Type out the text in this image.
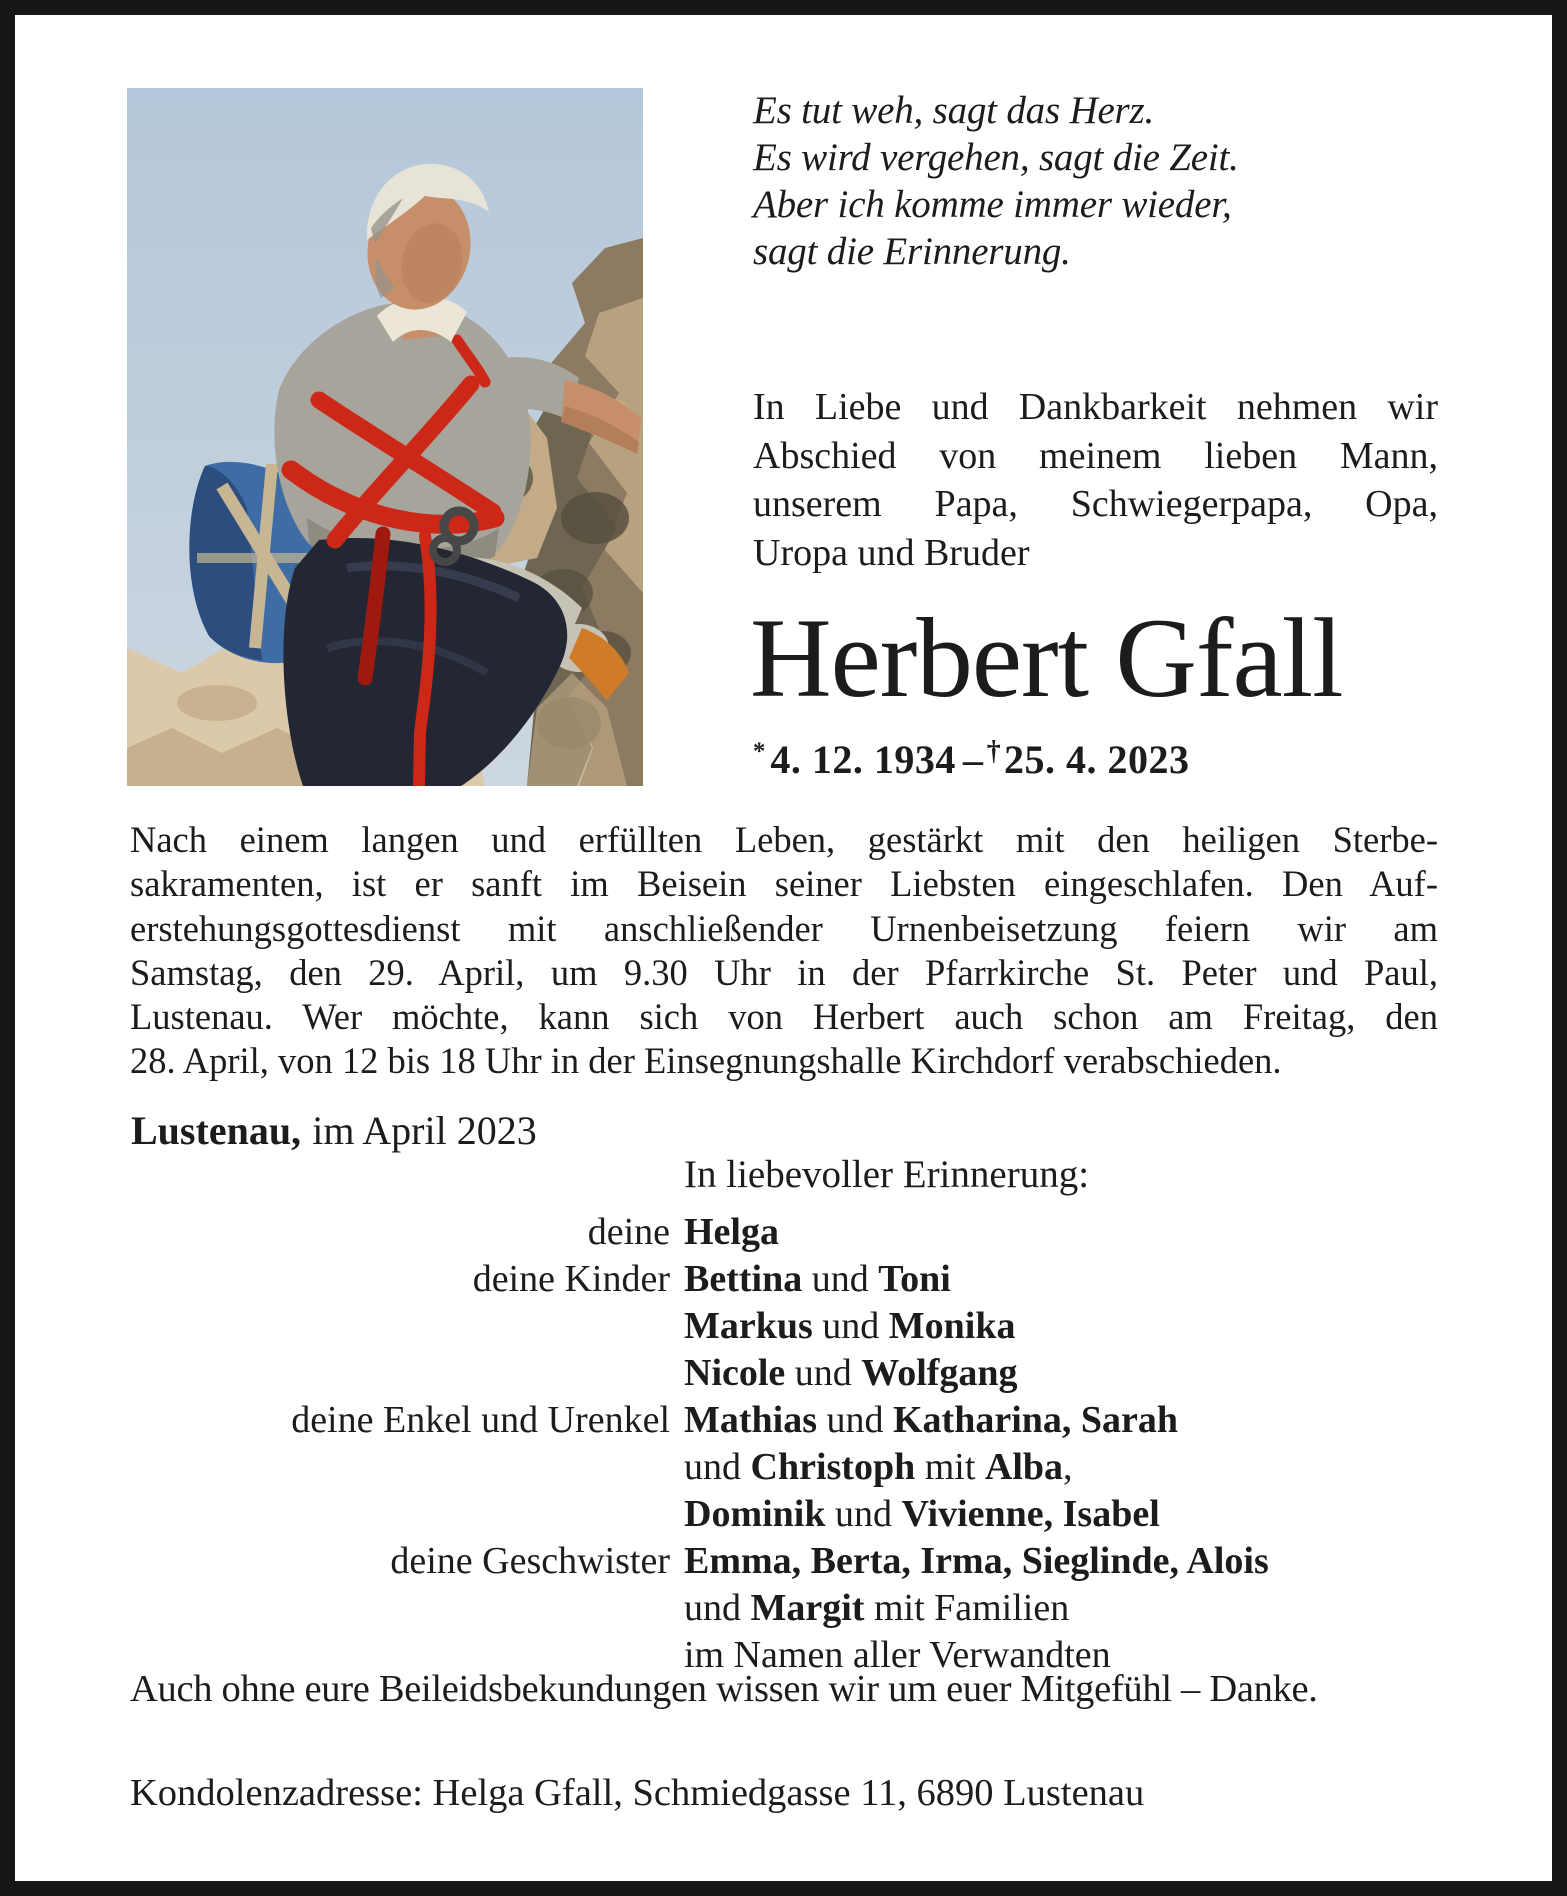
Es tut weh, sagt das Herz.
Es wird vergehen, sagt die Zeit.
Aber ich komme immer wieder,
sagt die Erinnerung.
In Liebe und Dankbarkeit nehmen wir
Abschied von meinem lieben Mann,
unserem Papa, Schwiegerpapa, Opa,
Uropa und Bruder
Herbert Gfall
* 4. 12. 1934 – †25. 4. 2023
Nach einem langen und erfüllten Leben, gestärkt mit den heiligen Sterbe-
sakramenten, ist er sanft im Beisein seiner Liebsten eingeschlafen. Den Auf-
erstehungsgottesdienst mit anschließender Urnenbeisetzung feiern wir am
Samstag, den 29. April, um 9.30 Uhr in der Pfarrkirche St. Peter und Paul,
Lustenau. Wer möchte, kann sich von Herbert auch schon am Freitag, den
28. April, von 12 bis 18 Uhr in der Einsegnungshalle Kirchdorf verabschieden.
Lustenau, im April 2023
In liebevoller Erinnerung:
deine Helga
deine Kinder Bettina und Toni
Markus und Monika
Nicole und Wolfgang
deine Enkel und Urenkel Mathias und Katharina, Sarah
und Christoph mit Alba,
Dominik und Vivienne, Isabel
deine Geschwister Emma, Berta, Irma, Sieglinde, Alois
und Margit mit Familien
im Namen aller Verwandten
Auch ohne eure Beileidsbekundungen wissen wir um euer Mitgefühl – Danke.
Kondolenzadresse: Helga Gfall, Schmiedgasse 11, 6890 Lustenau
